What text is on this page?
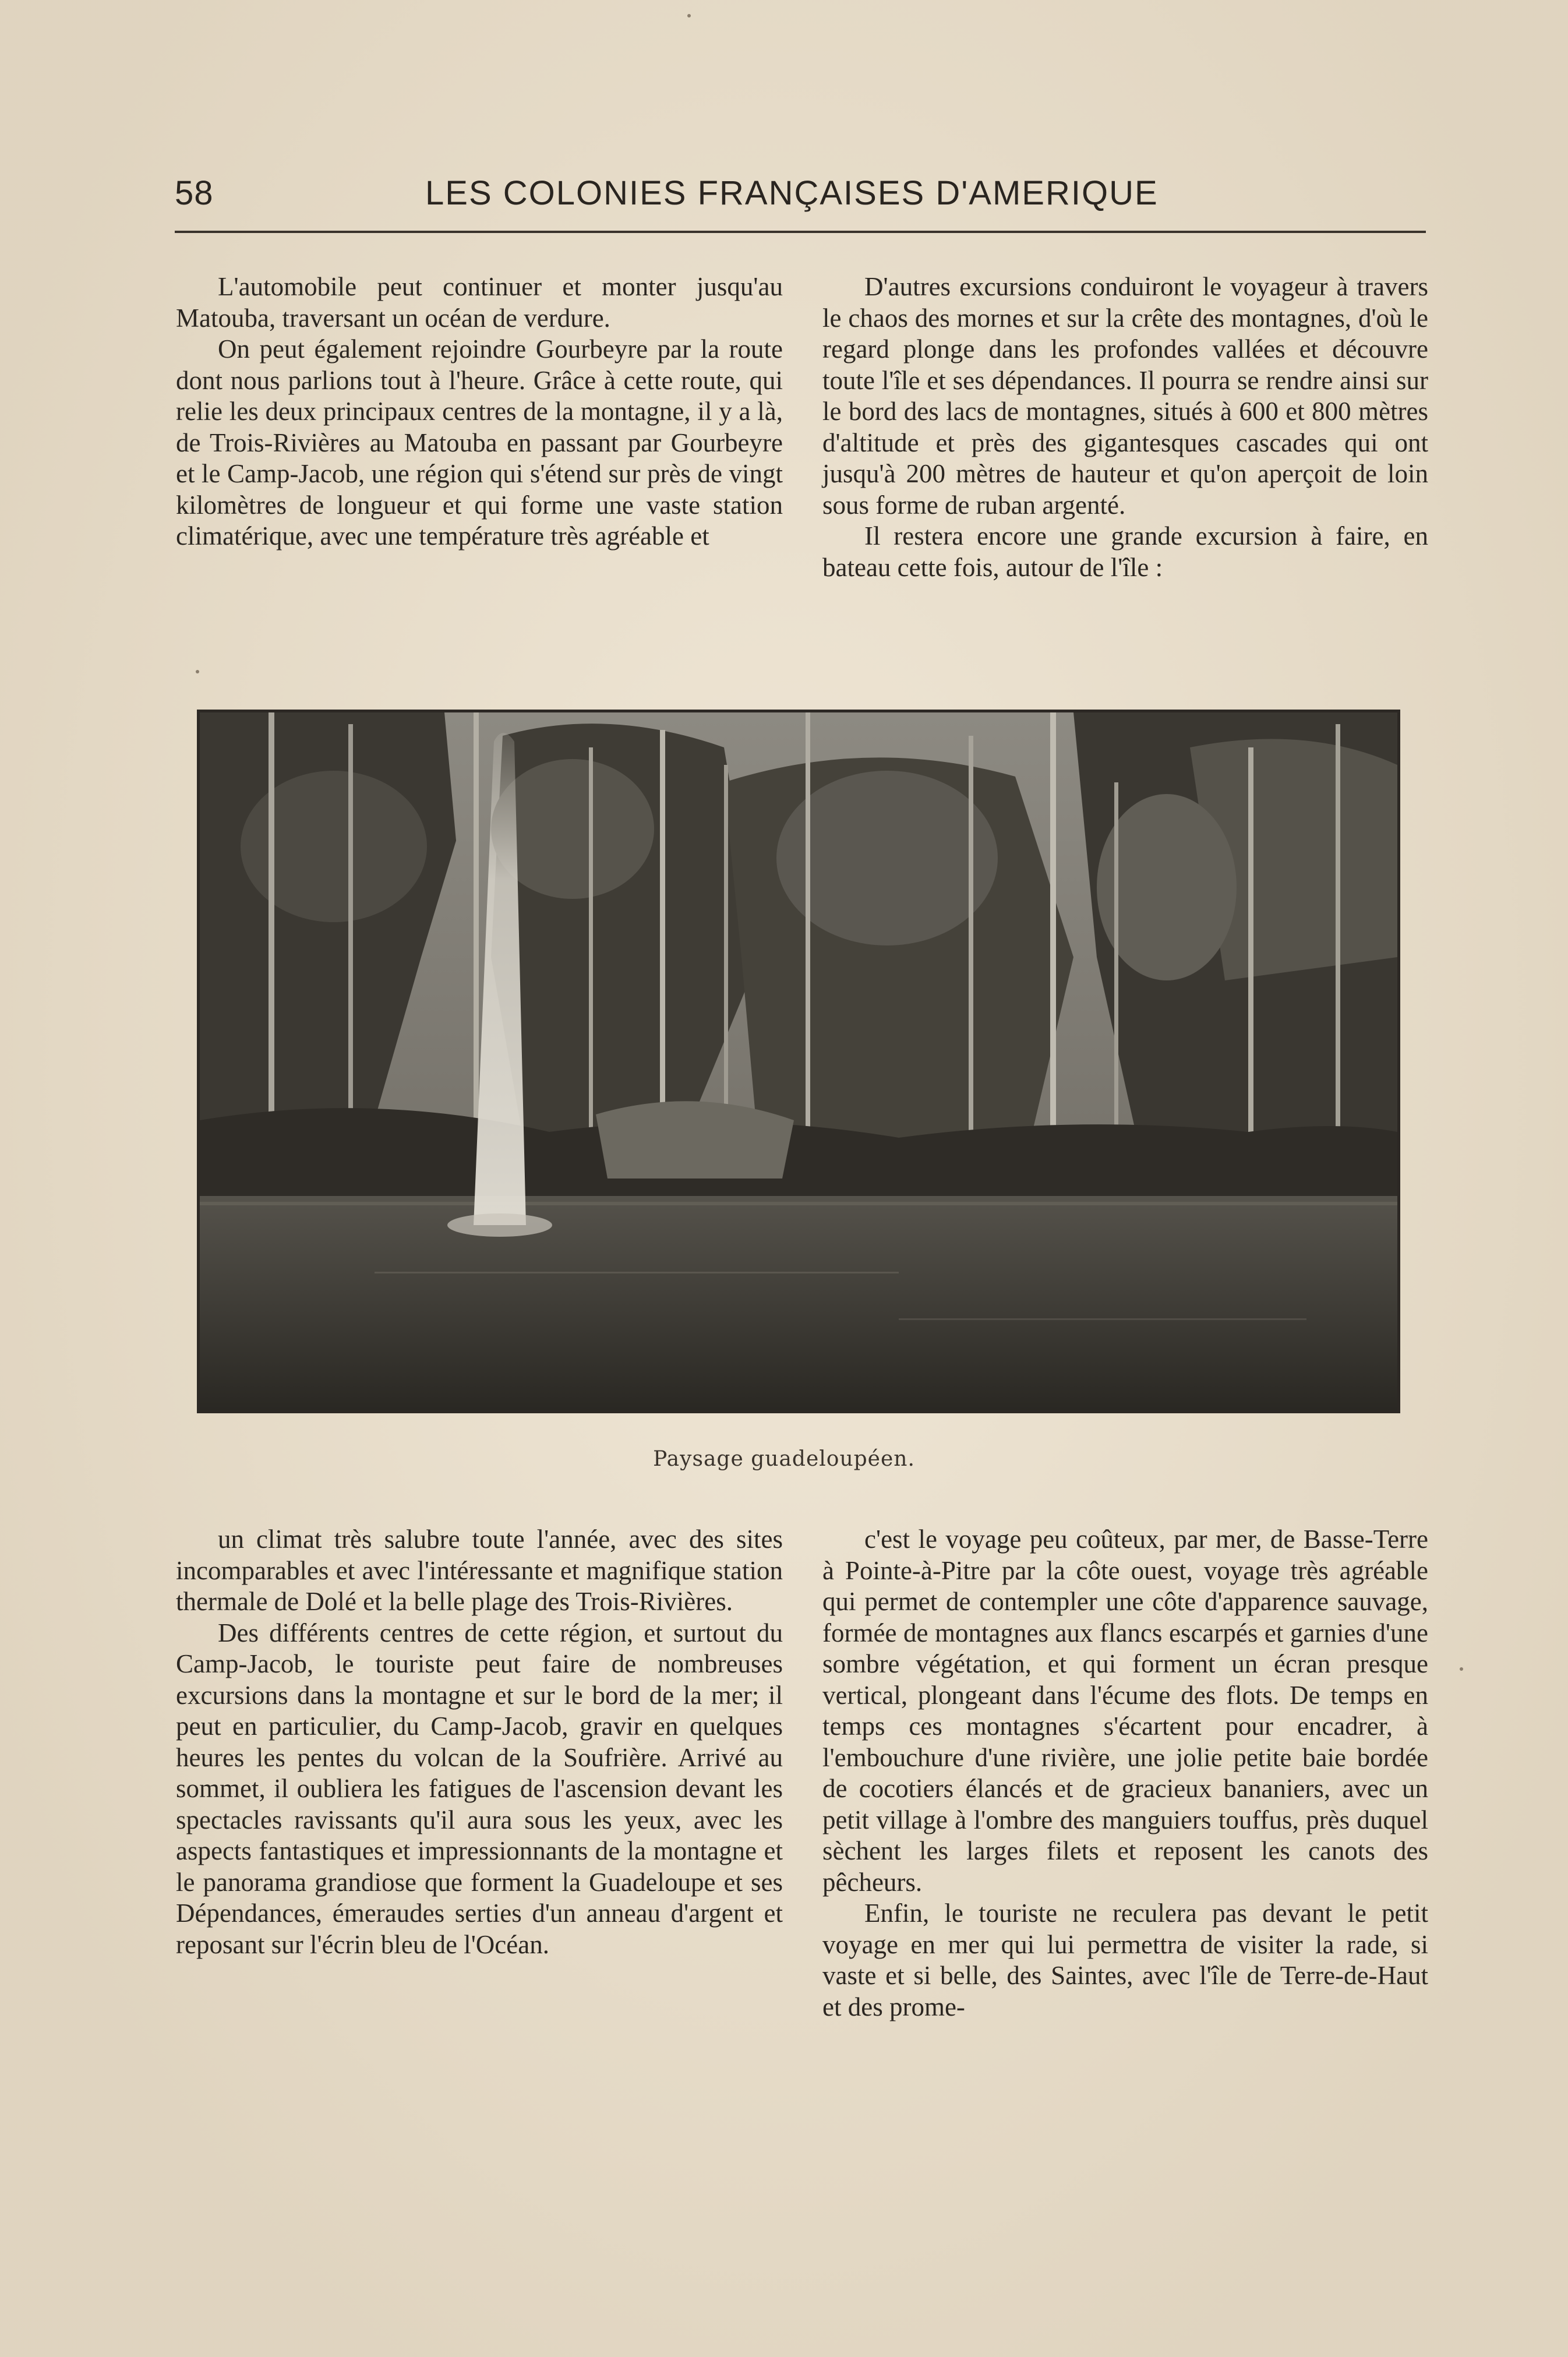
58	LES COLONIES FRANÇAISES D'AMERIQUE

L'automobile peut continuer et monter jusqu'au Matouba, traversant un océan de verdure.

On peut également rejoindre Gourbeyre par la route dont nous parlions tout à l'heure. Grâce à cette route, qui relie les deux principaux centres de la montagne, il y a là, de Trois-Rivières au Matouba en passant par Gourbeyre et le Camp-Jacob, une région qui s'étend sur près de vingt kilomètres de longueur et qui forme une vaste station climatérique, avec une température très agréable et

D'autres excursions conduiront le voyageur à travers le chaos des mornes et sur la crête des montagnes, d'où le regard plonge dans les profondes vallées et découvre toute l'île et ses dépendances. Il pourra se rendre ainsi sur le bord des lacs de montagnes, situés à 600 et 800 mètres d'altitude et près des gigantesques cascades qui ont jusqu'à 200 mètres de hauteur et qu'on aperçoit de loin sous forme de ruban argenté.

Il restera encore une grande excursion à faire, en bateau cette fois, autour de l'île :

Paysage guadeloupéen.

un climat très salubre toute l'année, avec des sites incomparables et avec l'intéressante et magnifique station thermale de Dolé et la belle plage des Trois-Rivières.

Des différents centres de cette région, et surtout du Camp-Jacob, le touriste peut faire de nombreuses excursions dans la montagne et sur le bord de la mer; il peut en particulier, du Camp-Jacob, gravir en quelques heures les pentes du volcan de la Soufrière. Arrivé au sommet, il oubliera les fatigues de l'ascension devant les spectacles ravissants qu'il aura sous les yeux, avec les aspects fantastiques et impressionnants de la montagne et le panorama grandiose que forment la Guadeloupe et ses Dépendances, émeraudes serties d'un anneau d'argent et reposant sur l'écrin bleu de l'Océan.

c'est le voyage peu coûteux, par mer, de Basse-Terre à Pointe-à-Pitre par la côte ouest, voyage très agréable qui permet de contempler une côte d'apparence sauvage, formée de montagnes aux flancs escarpés et garnies d'une sombre végétation, et qui forment un écran presque vertical, plongeant dans l'écume des flots. De temps en temps ces montagnes s'écartent pour encadrer, à l'embouchure d'une rivière, une jolie petite baie bordée de cocotiers élancés et de gracieux bananiers, avec un petit village à l'ombre des manguiers touffus, près duquel sèchent les larges filets et reposent les canots des pêcheurs.

Enfin, le touriste ne reculera pas devant le petit voyage en mer qui lui permettra de visiter la rade, si vaste et si belle, des Saintes, avec l'île de Terre-de-Haut et des prome-
